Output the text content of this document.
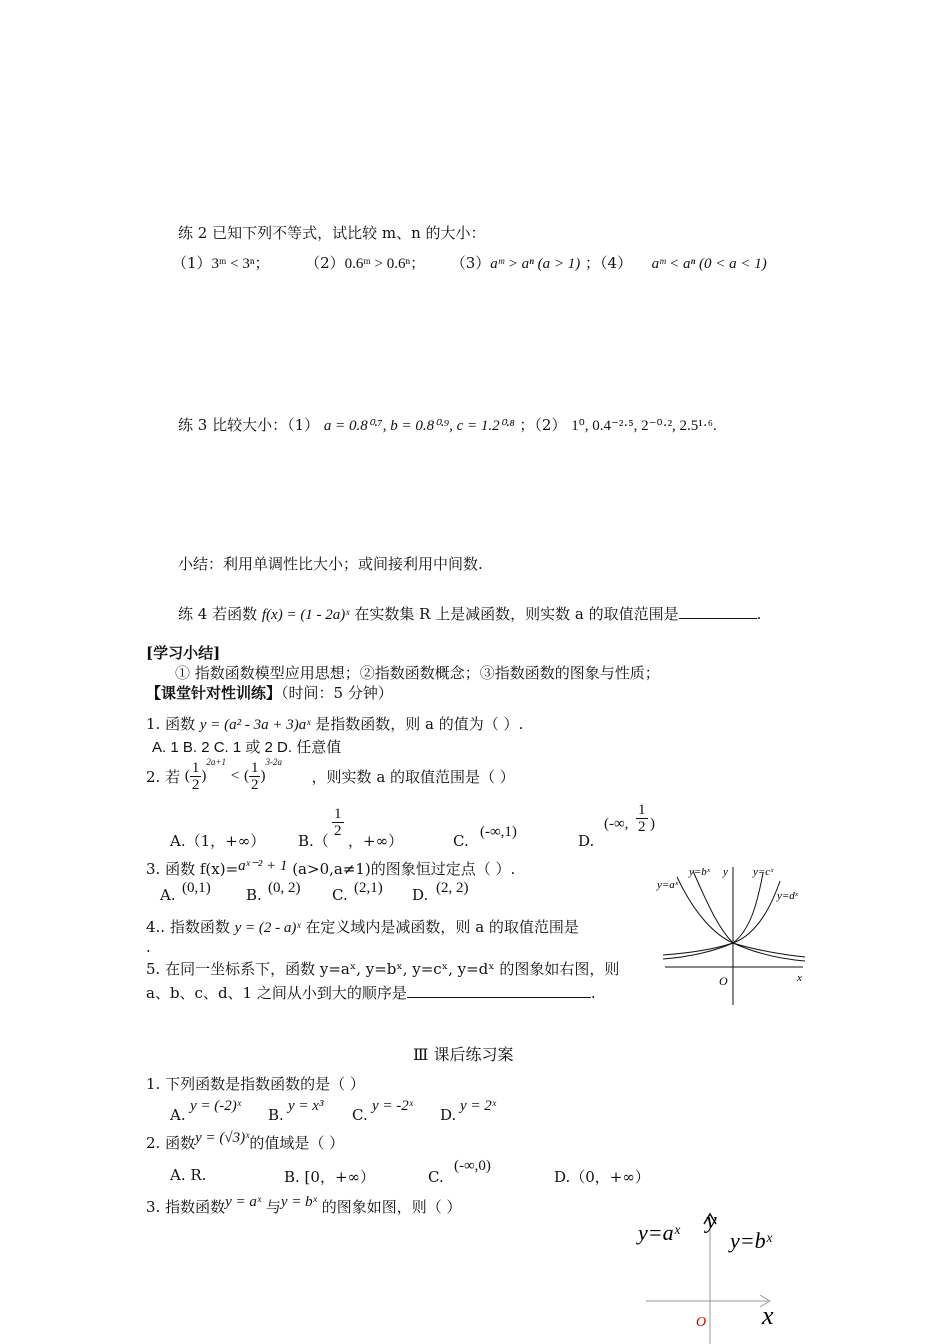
练 2 已知下列不等式，试比较 m、n 的大小：
（1）3ᵐ < 3ⁿ； （2）0.6ᵐ > 0.6ⁿ； （3）aᵐ > aⁿ (a > 1) ；（4） aᵐ < aⁿ (0 < a < 1)
练 3 比较大小：（1） a = 0.8⁰·⁷, b = 0.8⁰·⁹, c = 1.2⁰·⁸ ；（2） 1⁰, 0.4⁻²·⁵, 2⁻⁰·², 2.5¹·⁶.
小结：利用单调性比大小；或间接利用中间数.
练 4 若函数 f(x) = (1 - 2a)ˣ 在实数集 R 上是减函数，则实数 a 的取值范围是	.
[学习小结]
① 指数函数模型应用思想；②指数函数概念；③指数函数的图象与性质；
【课堂针对性训练】（时间：5 分钟）
1. 函数 y = (a² - 3a + 3)aˣ 是指数函数，则 a 的值为（ ）.
A. 1 B. 2 C. 1 或 2 D. 任意值
2. 若 ( $\frac{1}{2} )^{2a+1}$ < ( $\frac{1}{2} )^{3-2a}$  ，则实数 a 的取值范围是（ ）
A.（1，+∞） B.（
$\frac{1}{2}$
，+∞）	C. (-∞,1)	D.
(-∞, $\frac{1}{2}$ )
3. 函数 f(x)=aˣ⁻² + 1 (a>0,a≠1)的图象恒过定点（ ）.
A. (0,1) B. (0, 2) C. (2,1) D. (2, 2)
4.. 指数函数 y = (2 - a)ˣ 在定义域内是减函数，则 a 的取值范围是
.
5. 在同一坐标系下，函数 y=aˣ, y=bˣ, y=cˣ, y=dˣ 的图象如右图，则
a、b、c、d、1 之间从小到大的顺序是	.
y=aˣ
y=bˣ y y=cˣ
y=dˣ
O	x
Ⅲ 课后练习案
1. 下列函数是指数函数的是（ ）
A. y = (-2)ˣ B. y = x³ C. y = -2ˣ D. y = 2ˣ
2. 函数y = (√3)ˣ的值域是（ ）
A. R.	B. [0，+∞）	C.
(-∞,0)
D.（0，+∞）
3. 指数函数y = aˣ 与y = bˣ 的图象如图，则（ ）
y=aˣ y
y=bˣ
O x
